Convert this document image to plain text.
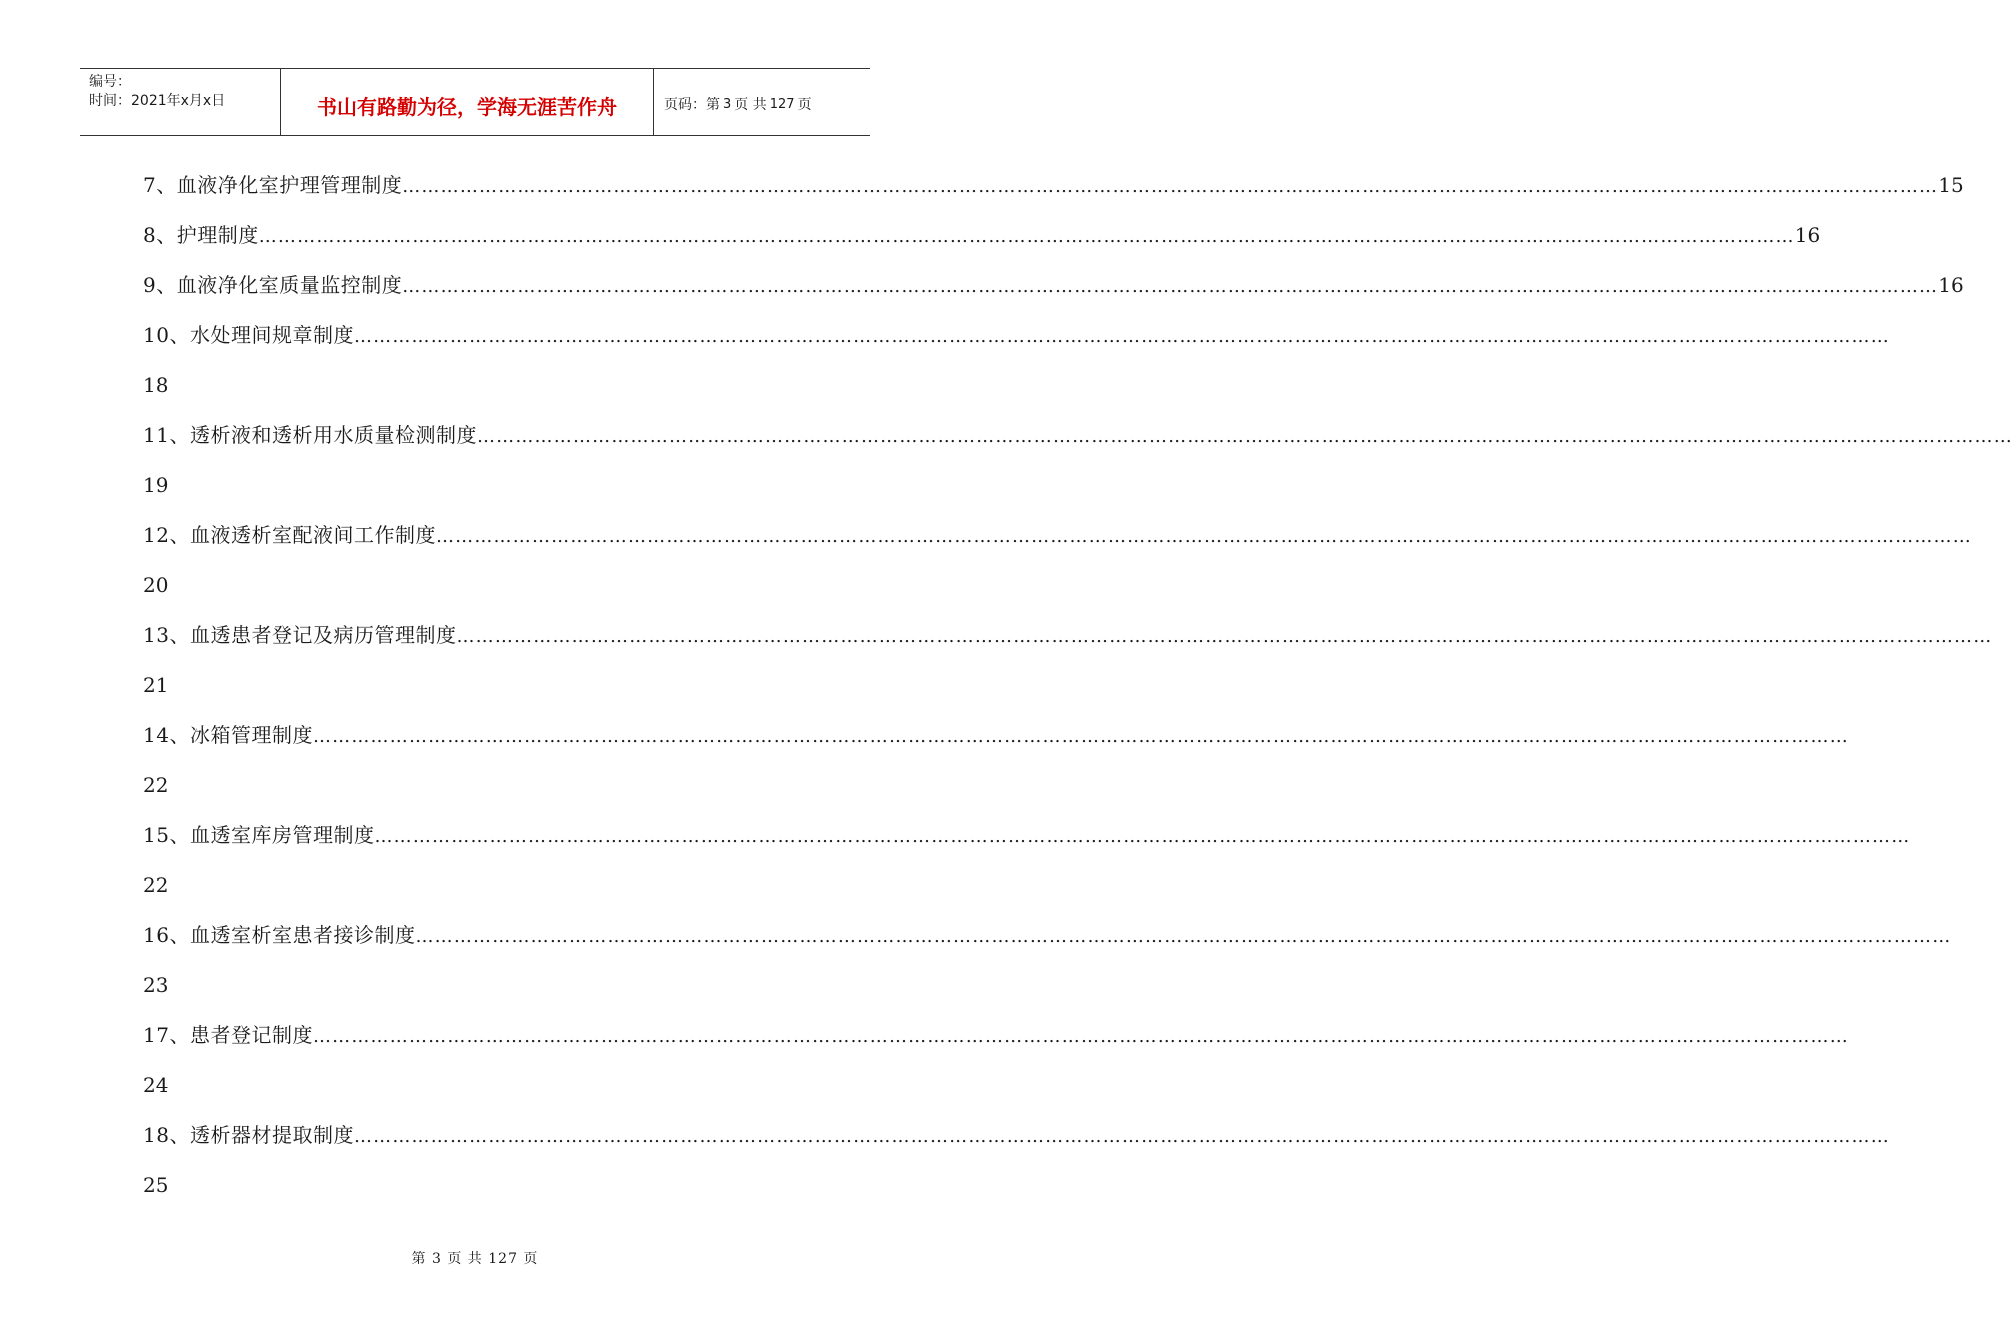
编号：
时间：2021年x月x日	书山有路勤为径，学海无涯苦作舟	页码：第 3 页 共 127 页
7、血液净化室护理管理制度 …………………………………………………………………………………………………………………………………………………………………………………………………………………… 15
8、护理制度 …………………………………………………………………………………………………………………………………………………………………………………………………………………… 16
9、血液净化室质量监控制度 …………………………………………………………………………………………………………………………………………………………………………………………………………………… 16
10、水处理间规章制度 ……………………………………………………………………………………………………………………………………………………………………………………………………………………
18
11、透析液和透析用水质量检测制度 ……………………………………………………………………………………………………………………………………………………………………………………………………………………
19
12、血液透析室配液间工作制度 ……………………………………………………………………………………………………………………………………………………………………………………………………………………
20
13、血透患者登记及病历管理制度 ……………………………………………………………………………………………………………………………………………………………………………………………………………………
21
14、冰箱管理制度 ……………………………………………………………………………………………………………………………………………………………………………………………………………………
22
15、血透室库房管理制度 ……………………………………………………………………………………………………………………………………………………………………………………………………………………
22
16、血透室析室患者接诊制度 ……………………………………………………………………………………………………………………………………………………………………………………………………………………
23
17、患者登记制度 ……………………………………………………………………………………………………………………………………………………………………………………………………………………
24
18、透析器材提取制度 ……………………………………………………………………………………………………………………………………………………………………………………………………………………
25
第 3 页 共 127 页
